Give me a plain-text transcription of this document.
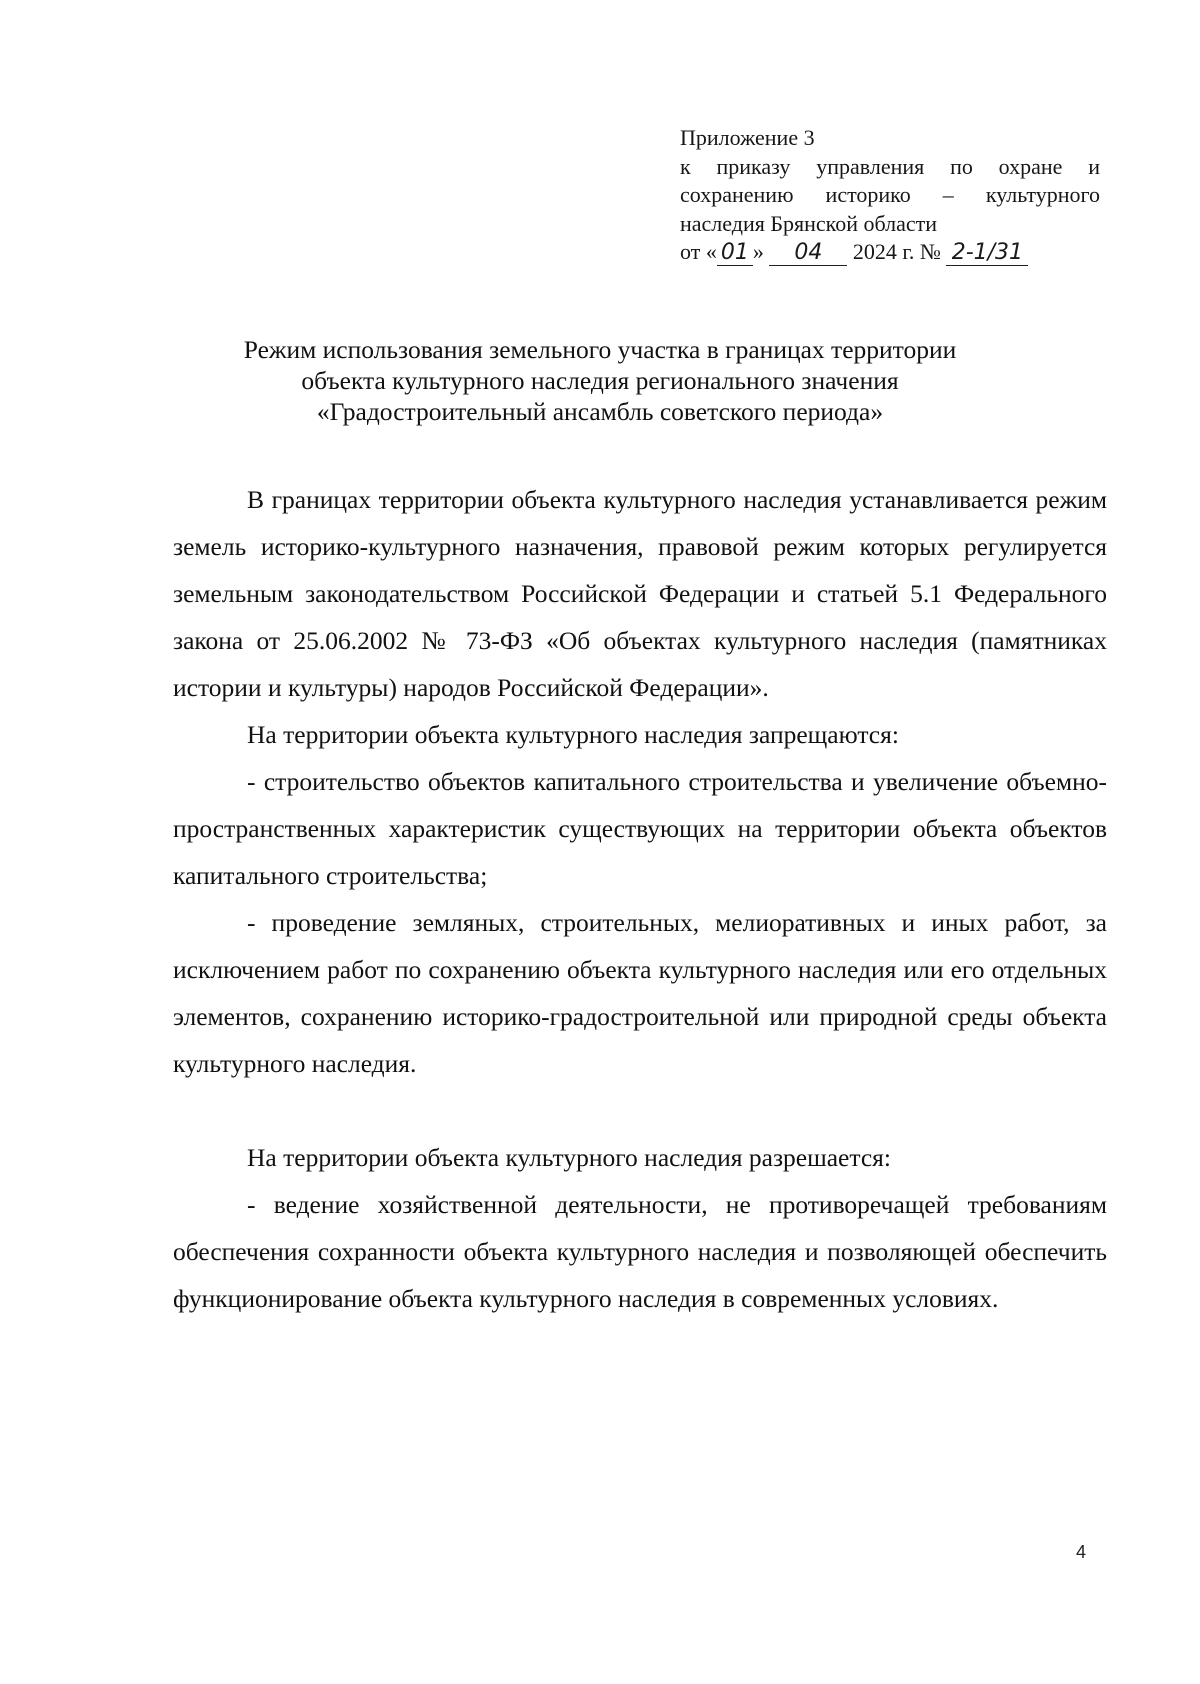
Приложение 3
к приказу управления по охране и
сохранению историко – культурного
наследия Брянской области
от « 01 » 04 2024 г. № 2-1/31
Режим использования земельного участка в границах территории
объекта культурного наследия регионального значения
«Градостроительный ансамбль советского периода»

В границах территории объекта культурного наследия устанавливается режим земель историко-культурного назначения, правовой режим которых регулируется земельным законодательством Российской Федерации и статьей 5.1 Федерального закона от 25.06.2002 № 73-ФЗ «Об объектах культурного наследия (памятниках истории и культуры) народов Российской Федерации».

На территории объекта культурного наследия запрещаются:

- строительство объектов капитального строительства и увеличение объемно-пространственных характеристик существующих на территории объекта объектов капитального строительства;

- проведение земляных, строительных, мелиоративных и иных работ, за исключением работ по сохранению объекта культурного наследия или его отдельных элементов, сохранению историко-градостроительной или природной среды объекта культурного наследия.

На территории объекта культурного наследия разрешается:

- ведение хозяйственной деятельности, не противоречащей требованиям обеспечения сохранности объекта культурного наследия и позволяющей обеспечить функционирование объекта культурного наследия в современных условиях.

4
